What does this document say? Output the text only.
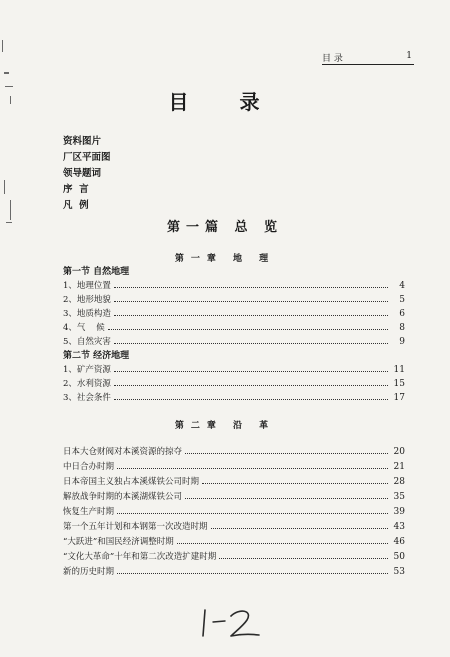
目 录	1
目 录
资料图片
厂区平面图
领导题词
序  言
凡  例
第一篇 总 览
第一章 地 理
第一节 自然地理
1、地理位置	4
2、地形地貌	5
3、地质构造	6
4、气    候	8
5、自然灾害	9
第二节 经济地理
1、矿产资源	11
2、水利资源	15
3、社会条件	17
第二章 沿 革
日本大仓财阀对本溪资源的掠夺	20
中日合办时期	21
日本帝国主义独占本溪煤铁公司时期	28
解放战争时期的本溪湖煤铁公司	35
恢复生产时期	39
第一个五年计划和本钢第一次改造时期	43
“大跃进”和国民经济调整时期	46
“文化大革命”十年和第二次改造扩建时期	50
新的历史时期	53
